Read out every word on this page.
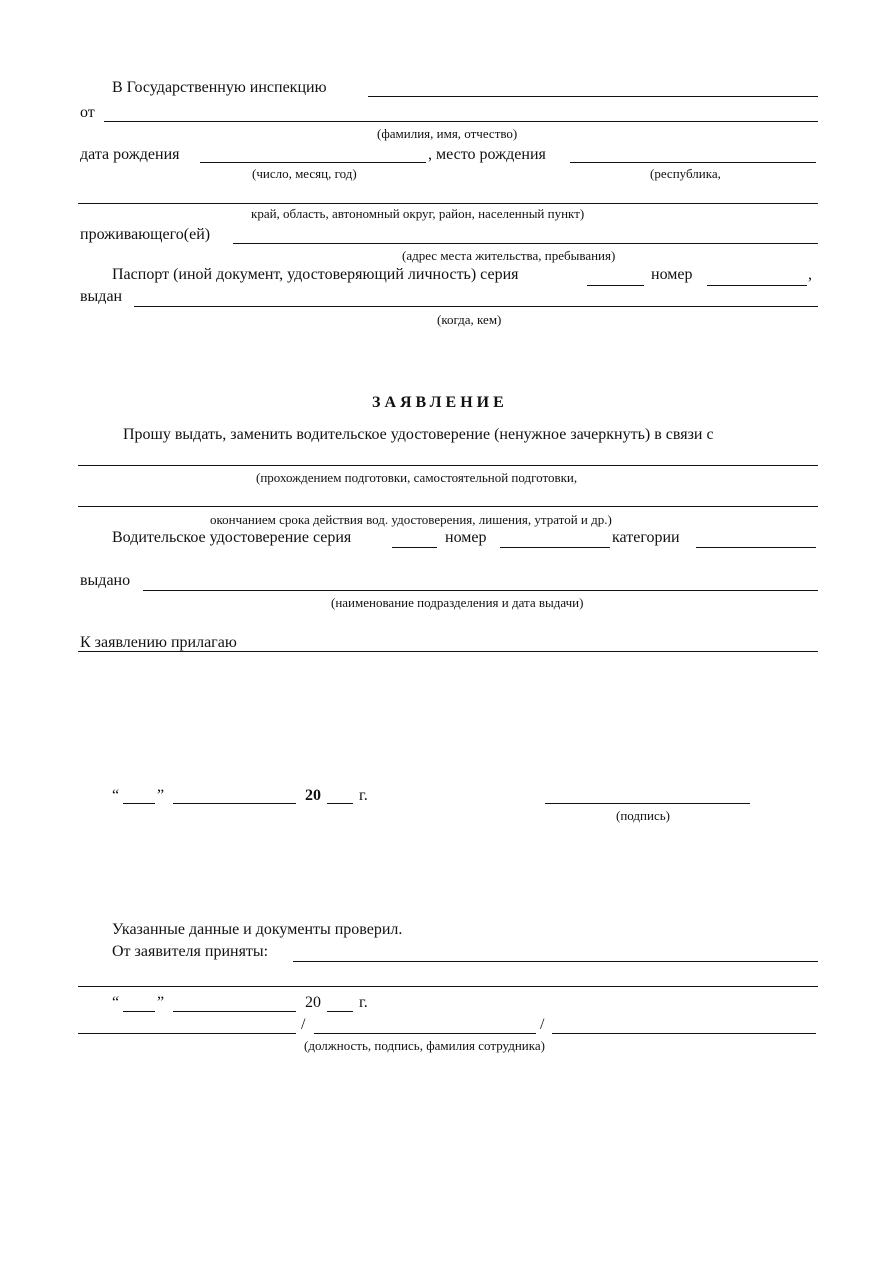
В Государственную инспекцию
от
(фамилия, имя, отчество)
дата рождения	, место рождения
(число, месяц, год)	(республика,
край, область, автономный округ, район, населенный пункт)
проживающего(ей)
(адрес места жительства, пребывания)
Паспорт (иной документ, удостоверяющий личность) серия	номер	,
выдан
(когда, кем)
ЗАЯВЛЕНИЕ
Прошу выдать, заменить водительское удостоверение (ненужное зачеркнуть) в связи с
(прохождением подготовки, самостоятельной подготовки,
окончанием срока действия вод. удостоверения, лишения, утратой и др.)
Водительское удостоверение серия	номер	категории
выдано
(наименование подразделения и дата выдачи)
К заявлению прилагаю
“ ”	20 г.
(подпись)
Указанные данные и документы проверил.
От заявителя приняты:
“ ”	20 г.
/	/
(должность, подпись, фамилия сотрудника)
